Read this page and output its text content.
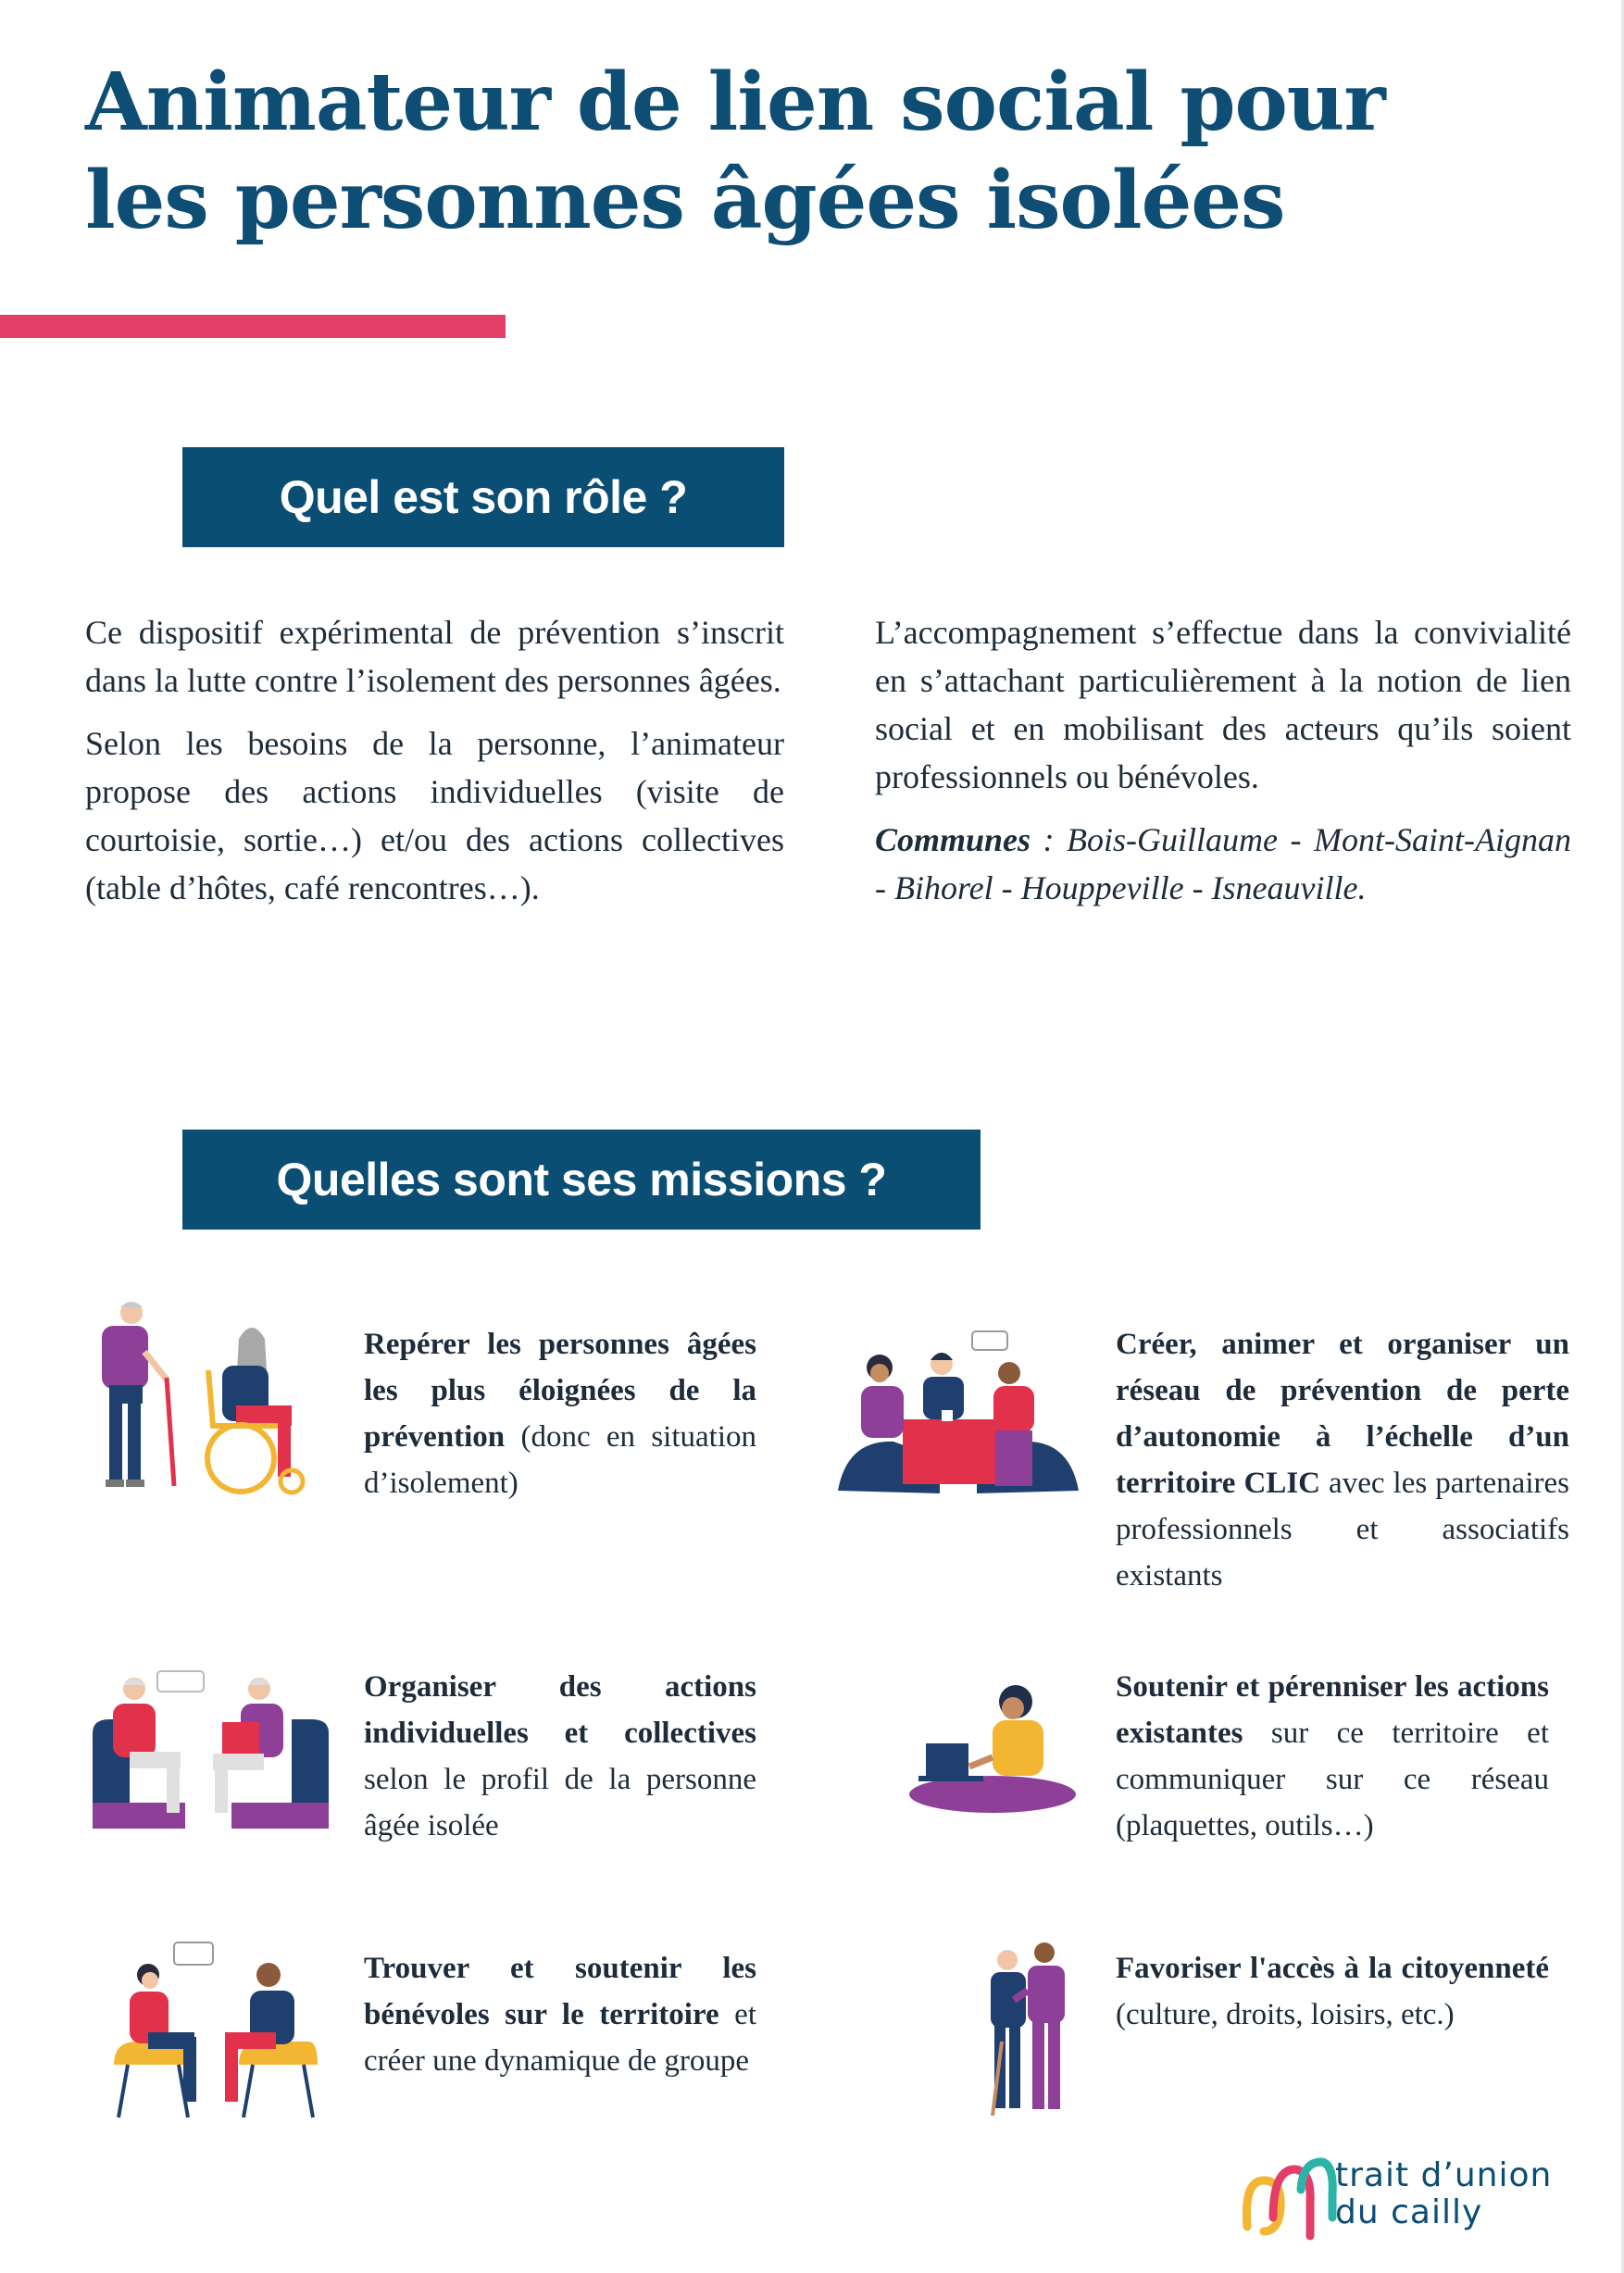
Animateur de lien social pour
les personnes âgées isolées
Quel est son rôle ?

Ce dispositif expérimental de prévention s’inscrit dans la lutte contre l’isolement des personnes âgées.

Selon les besoins de la personne, l’animateur propose des actions individuelles (visite de courtoisie, sortie…) et/ou des actions collectives (table d’hôtes, café rencontres…).

L’accompagnement s’effectue dans la convivialité en s’attachant particulièrement à la notion de lien social et en mobilisant des acteurs qu’ils soient professionnels ou bénévoles.

Communes : Bois-Guillaume - Mont-Saint-Aignan - Bihorel - Houppeville - Isneauville.

Quelles sont ses missions ?
Repérer les personnes âgées les plus éloignées de la prévention (donc en situation d’isolement)
Créer, animer et organiser un réseau de prévention de perte d’autonomie à l’échelle d’un territoire CLIC avec les partenaires professionnels et associatifs existants
Organiser des actions individuelles et collectives selon le profil de la personne âgée isolée
Soutenir et pérenniser les actions existantes sur ce territoire et communiquer sur ce réseau (plaquettes, outils…)
Trouver et soutenir les bénévoles sur le territoire et créer une dynamique de groupe
Favoriser l'accès à la citoyenneté (culture, droits, loisirs, etc.)
trait d’union
du cailly
